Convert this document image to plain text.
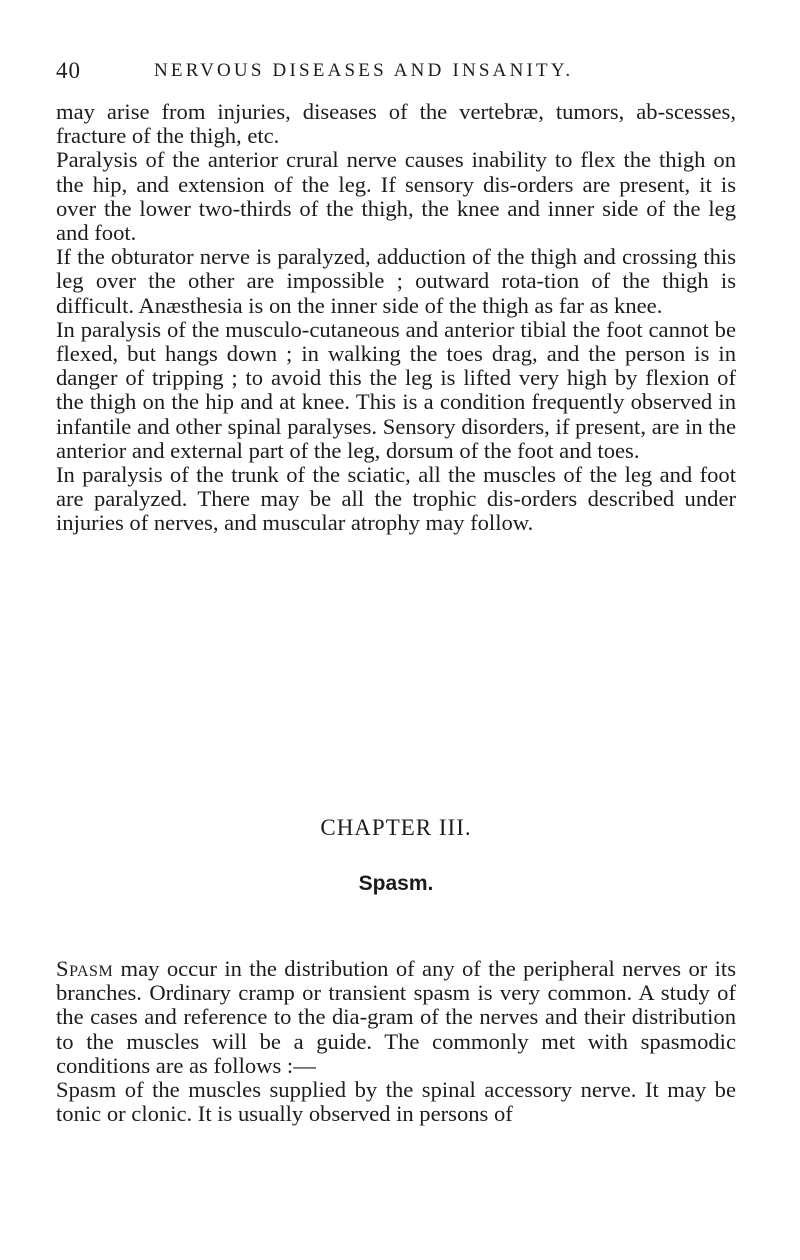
40	NERVOUS DISEASES AND INSANITY.

may arise from injuries, diseases of the vertebræ, tumors, ab-scesses, fracture of the thigh, etc.

Paralysis of the anterior crural nerve causes inability to flex the thigh on the hip, and extension of the leg. If sensory dis-orders are present, it is over the lower two-thirds of the thigh, the knee and inner side of the leg and foot.

If the obturator nerve is paralyzed, adduction of the thigh and crossing this leg over the other are impossible ; outward rota-tion of the thigh is difficult. Anæsthesia is on the inner side of the thigh as far as knee.

In paralysis of the musculo-cutaneous and anterior tibial the foot cannot be flexed, but hangs down ; in walking the toes drag, and the person is in danger of tripping ; to avoid this the leg is lifted very high by flexion of the thigh on the hip and at knee. This is a condition frequently observed in infantile and other spinal paralyses. Sensory disorders, if present, are in the anterior and external part of the leg, dorsum of the foot and toes.

In paralysis of the trunk of the sciatic, all the muscles of the leg and foot are paralyzed. There may be all the trophic dis-orders described under injuries of nerves, and muscular atrophy may follow.

CHAPTER III.
Spasm.

Spasm may occur in the distribution of any of the peripheral nerves or its branches. Ordinary cramp or transient spasm is very common. A study of the cases and reference to the dia-gram of the nerves and their distribution to the muscles will be a guide. The commonly met with spasmodic conditions are as follows :—

Spasm of the muscles supplied by the spinal accessory nerve. It may be tonic or clonic. It is usually observed in persons of
